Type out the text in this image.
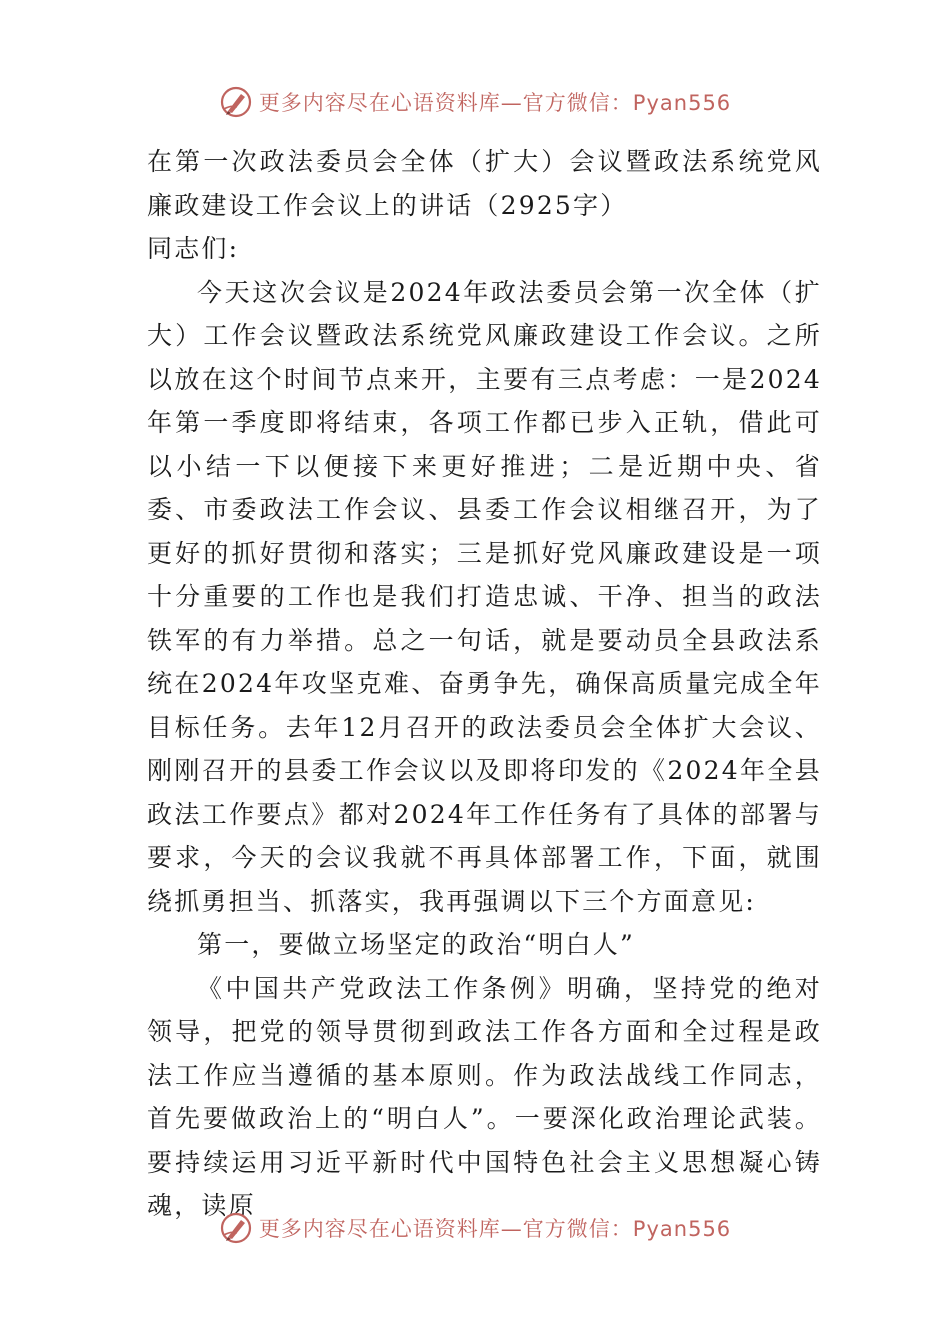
更多内容尽在心语资料库—官方微信：Pyan556

在第一次政法委员会全体（扩大）会议暨政法系统党风廉政建设工作会议上的讲话（2925字）

同志们:

今天这次会议是2024年政法委员会第一次全体（扩大）工作会议暨政法系统党风廉政建设工作会议。之所以放在这个时间节点来开，主要有三点考虑：一是2024年第一季度即将结束，各项工作都已步入正轨，借此可以小结一下以便接下来更好推进；二是近期中央、省委、市委政法工作会议、县委工作会议相继召开，为了更好的抓好贯彻和落实；三是抓好党风廉政建设是一项十分重要的工作也是我们打造忠诚、干净、担当的政法铁军的有力举措。总之一句话，就是要动员全县政法系统在2024年攻坚克难、奋勇争先，确保高质量完成全年目标任务。去年12月召开的政法委员会全体扩大会议、刚刚召开的县委工作会议以及即将印发的《2024年全县政法工作要点》都对2024年工作任务有了具体的部署与要求，今天的会议我就不再具体部署工作，下面，就围绕抓勇担当、抓落实，我再强调以下三个方面意见:

第一，要做立场坚定的政治“明白人”

《中国共产党政法工作条例》明确，坚持党的绝对领导，把党的领导贯彻到政法工作各方面和全过程是政法工作应当遵循的基本原则。作为政法战线工作同志，首先要做政治上的“明白人”。一要深化政治理论武装。要持续运用习近平新时代中国特色社会主义思想凝心铸魂，读原

更多内容尽在心语资料库—官方微信：Pyan556
